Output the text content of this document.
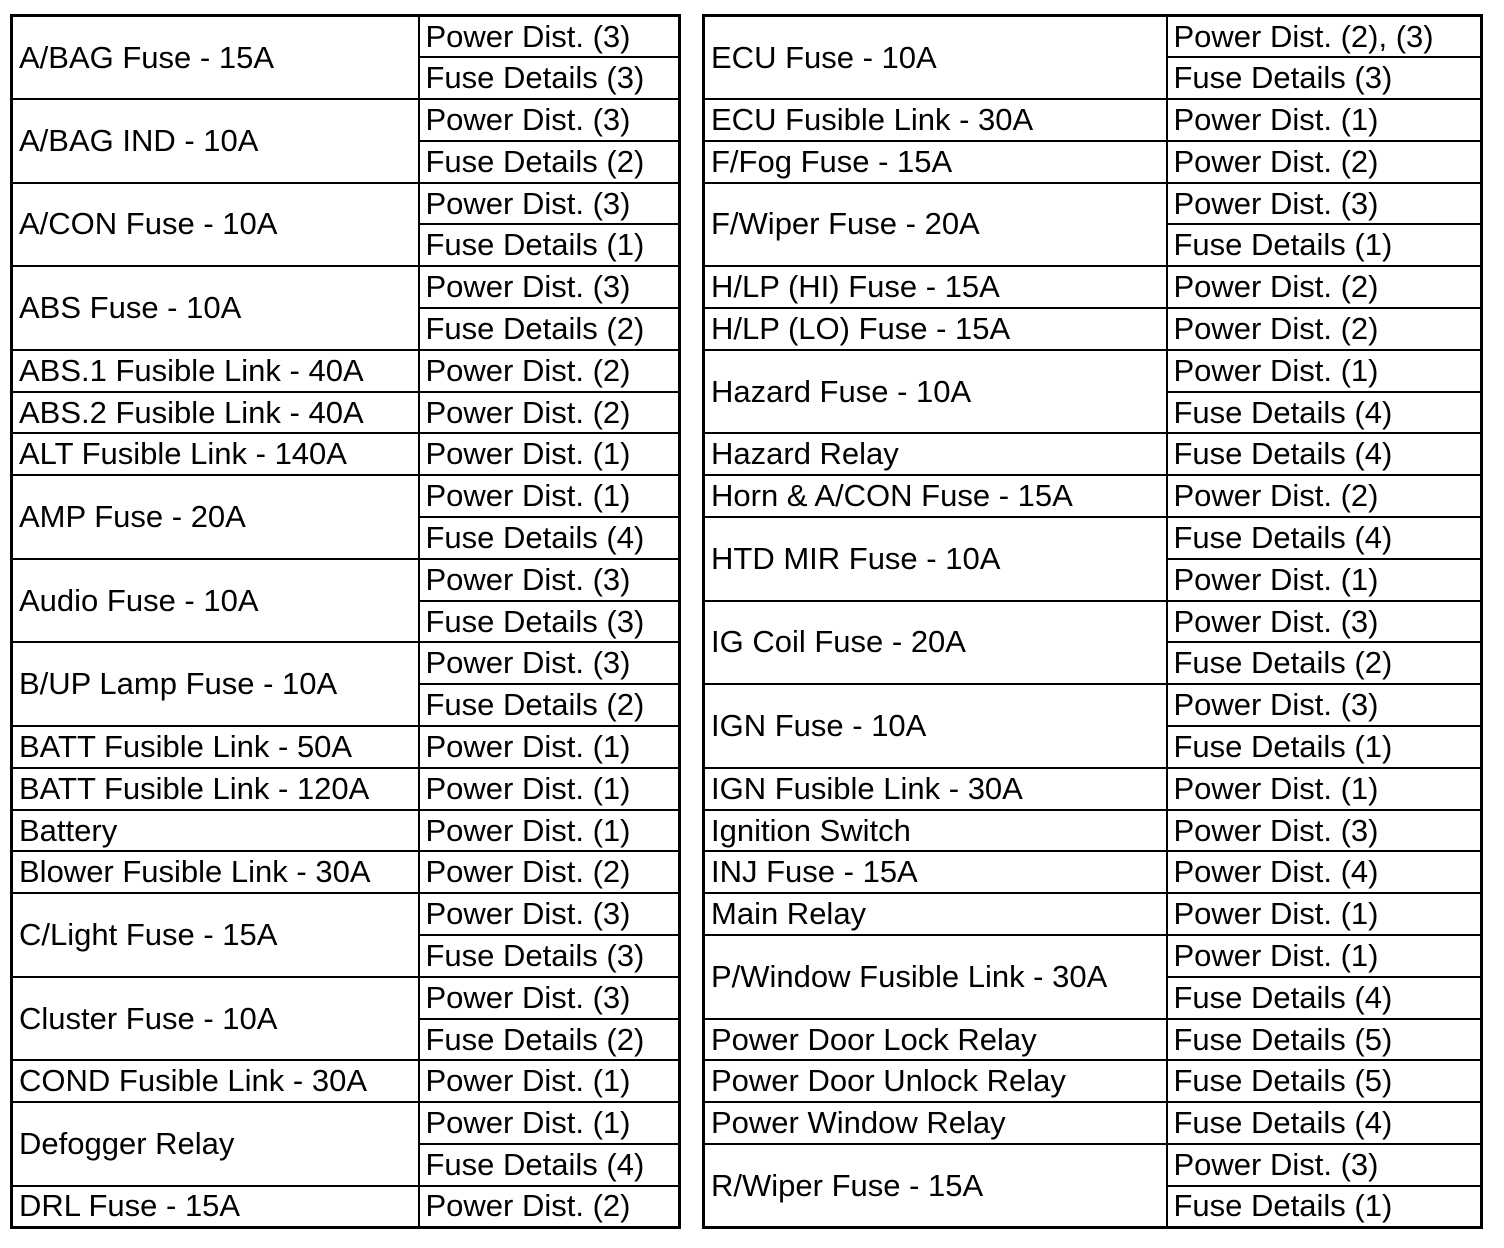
A/BAG Fuse - 15A	Power Dist. (3)
	Fuse Details (3)
A/BAG IND - 10A	Power Dist. (3)
	Fuse Details (2)
A/CON Fuse - 10A	Power Dist. (3)
	Fuse Details (1)
ABS Fuse - 10A	Power Dist. (3)
	Fuse Details (2)
ABS.1 Fusible Link - 40A	Power Dist. (2)
ABS.2 Fusible Link - 40A	Power Dist. (2)
ALT Fusible Link - 140A	Power Dist. (1)
AMP Fuse - 20A	Power Dist. (1)
	Fuse Details (4)
Audio Fuse - 10A	Power Dist. (3)
	Fuse Details (3)
B/UP Lamp Fuse - 10A	Power Dist. (3)
	Fuse Details (2)
BATT Fusible Link - 50A	Power Dist. (1)
BATT Fusible Link - 120A	Power Dist. (1)
Battery	Power Dist. (1)
Blower Fusible Link - 30A	Power Dist. (2)
C/Light Fuse - 15A	Power Dist. (3)
	Fuse Details (3)
Cluster Fuse - 10A	Power Dist. (3)
	Fuse Details (2)
COND Fusible Link - 30A	Power Dist. (1)
Defogger Relay	Power Dist. (1)
	Fuse Details (4)
DRL Fuse - 15A	Power Dist. (2)
ECU Fuse - 10A	Power Dist. (2), (3)
	Fuse Details (3)
ECU Fusible Link - 30A	Power Dist. (1)
F/Fog Fuse - 15A	Power Dist. (2)
F/Wiper Fuse - 20A	Power Dist. (3)
	Fuse Details (1)
H/LP (HI) Fuse - 15A	Power Dist. (2)
H/LP (LO) Fuse - 15A	Power Dist. (2)
Hazard Fuse - 10A	Power Dist. (1)
	Fuse Details (4)
Hazard Relay	Fuse Details (4)
Horn & A/CON Fuse - 15A	Power Dist. (2)
HTD MIR Fuse - 10A	Fuse Details (4)
	Power Dist. (1)
IG Coil Fuse - 20A	Power Dist. (3)
	Fuse Details (2)
IGN Fuse - 10A	Power Dist. (3)
	Fuse Details (1)
IGN Fusible Link - 30A	Power Dist. (1)
Ignition Switch	Power Dist. (3)
INJ Fuse - 15A	Power Dist. (4)
Main Relay	Power Dist. (1)
P/Window Fusible Link - 30A	Power Dist. (1)
	Fuse Details (4)
Power Door Lock Relay	Fuse Details (5)
Power Door Unlock Relay	Fuse Details (5)
Power Window Relay	Fuse Details (4)
R/Wiper Fuse - 15A	Power Dist. (3)
	Fuse Details (1)
